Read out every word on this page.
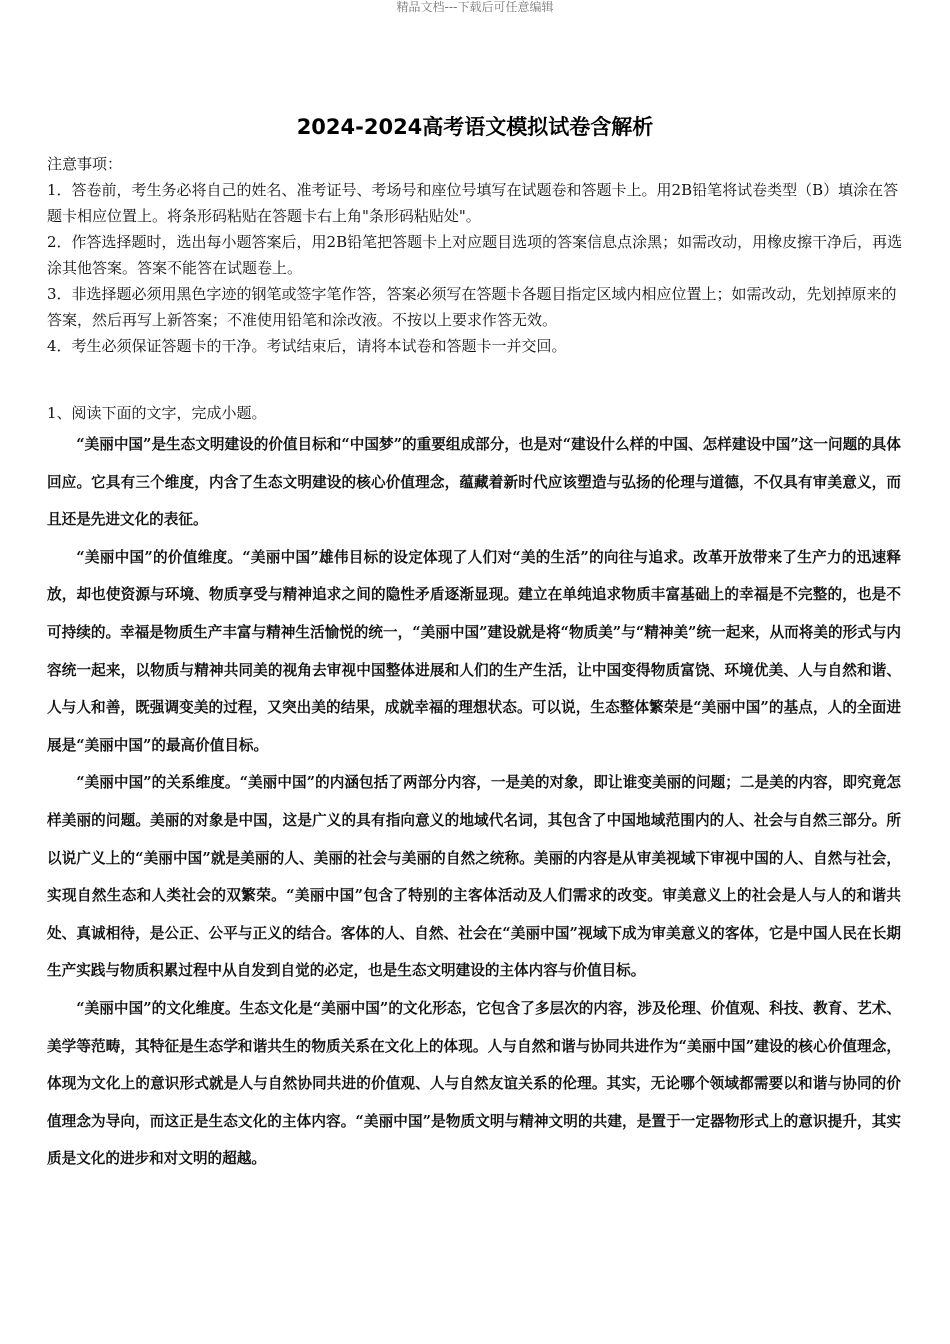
精品文档---下载后可任意编辑
2024-2024高考语文模拟试卷含解析
注意事项：
1．答卷前，考生务必将自己的姓名、准考证号、考场号和座位号填写在试题卷和答题卡上。用2B铅笔将试卷类型（B）填涂在答题卡相应位置上。将条形码粘贴在答题卡右上角"条形码粘贴处"。
2．作答选择题时，选出每小题答案后，用2B铅笔把答题卡上对应题目选项的答案信息点涂黑；如需改动，用橡皮擦干净后，再选涂其他答案。答案不能答在试题卷上。
3．非选择题必须用黑色字迹的钢笔或签字笔作答，答案必须写在答题卡各题目指定区域内相应位置上；如需改动，先划掉原来的答案，然后再写上新答案；不准使用铅笔和涂改液。不按以上要求作答无效。
4．考生必须保证答题卡的干净。考试结束后，请将本试卷和答题卡一并交回。
1、阅读下面的文字，完成小题。

“美丽中国”是生态文明建设的价值目标和“中国梦”的重要组成部分，也是对“建设什么样的中国、怎样建设中国”这一问题的具体回应。它具有三个维度，内含了生态文明建设的核心价值理念，蕴藏着新时代应该塑造与弘扬的伦理与道德，不仅具有审美意义，而且还是先进文化的表征。

“美丽中国”的价值维度。“美丽中国”雄伟目标的设定体现了人们对“美的生活”的向往与追求。改革开放带来了生产力的迅速释放，却也使资源与环境、物质享受与精神追求之间的隐性矛盾逐渐显现。建立在单纯追求物质丰富基础上的幸福是不完整的，也是不可持续的。幸福是物质生产丰富与精神生活愉悦的统一，“美丽中国”建设就是将“物质美”与“精神美”统一起来，从而将美的形式与内容统一起来，以物质与精神共同美的视角去审视中国整体进展和人们的生产生活，让中国变得物质富饶、环境优美、人与自然和谐、人与人和善，既强调变美的过程，又突出美的结果，成就幸福的理想状态。可以说，生态整体繁荣是“美丽中国”的基点，人的全面进展是“美丽中国”的最高价值目标。

“美丽中国”的关系维度。“美丽中国”的内涵包括了两部分内容，一是美的对象，即让谁变美丽的问题；二是美的内容，即究竟怎样美丽的问题。美丽的对象是中国，这是广义的具有指向意义的地域代名词，其包含了中国地域范围内的人、社会与自然三部分。所以说广义上的“美丽中国”就是美丽的人、美丽的社会与美丽的自然之统称。美丽的内容是从审美视域下审视中国的人、自然与社会，实现自然生态和人类社会的双繁荣。“美丽中国”包含了特别的主客体活动及人们需求的改变。审美意义上的社会是人与人的和谐共处、真诚相待，是公正、公平与正义的结合。客体的人、自然、社会在“美丽中国”视域下成为审美意义的客体，它是中国人民在长期生产实践与物质积累过程中从自发到自觉的必定，也是生态文明建设的主体内容与价值目标。

“美丽中国”的文化维度。生态文化是“美丽中国”的文化形态，它包含了多层次的内容，涉及伦理、价值观、科技、教育、艺术、美学等范畴，其特征是生态学和谐共生的物质关系在文化上的体现。人与自然和谐与协同共进作为“美丽中国”建设的核心价值理念，体现为文化上的意识形式就是人与自然协同共进的价值观、人与自然友谊关系的伦理。其实，无论哪个领域都需要以和谐与协同的价值理念为导向，而这正是生态文化的主体内容。“美丽中国”是物质文明与精神文明的共建，是置于一定器物形式上的意识提升，其实质是文化的进步和对文明的超越。
